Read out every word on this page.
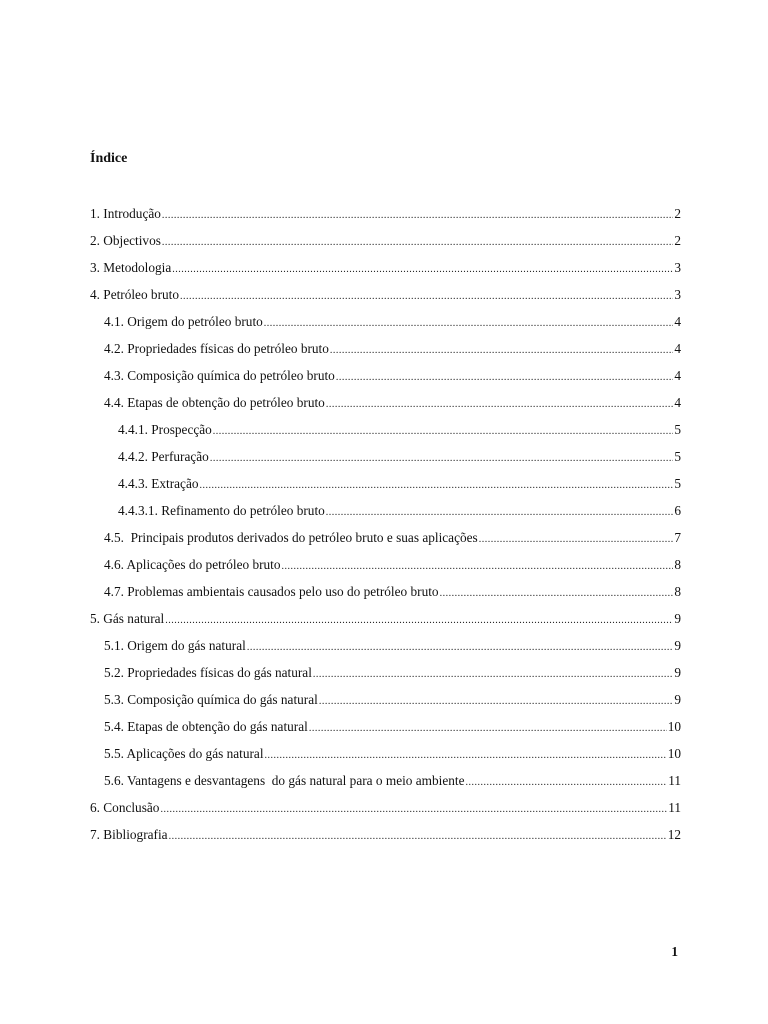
Índice
1. Introdução .....	2
2. Objectivos .....	2
3. Metodologia .....	3
4. Petróleo bruto .....	3
4.1. Origem do petróleo bruto .....	4
4.2. Propriedades físicas do petróleo bruto .....	4
4.3. Composição química do petróleo bruto .....	4
4.4. Etapas de obtenção do petróleo bruto .....	4
4.4.1. Prospecção .....	5
4.4.2. Perfuração .....	5
4.4.3. Extração .....	5
4.4.3.1. Refinamento do petróleo bruto .....	6
4.5.  Principais produtos derivados do petróleo bruto e suas aplicações .....	7
4.6. Aplicações do petróleo bruto .....	8
4.7. Problemas ambientais causados pelo uso do petróleo bruto .....	8
5. Gás natural .....	9
5.1. Origem do gás natural .....	9
5.2. Propriedades físicas do gás natural .....	9
5.3. Composição química do gás natural .....	9
5.4. Etapas de obtenção do gás natural .....	10
5.5. Aplicações do gás natural .....	10
5.6. Vantagens e desvantagens  do gás natural para o meio ambiente .....	11
6. Conclusão .....	11
7. Bibliografia .....	12
1
